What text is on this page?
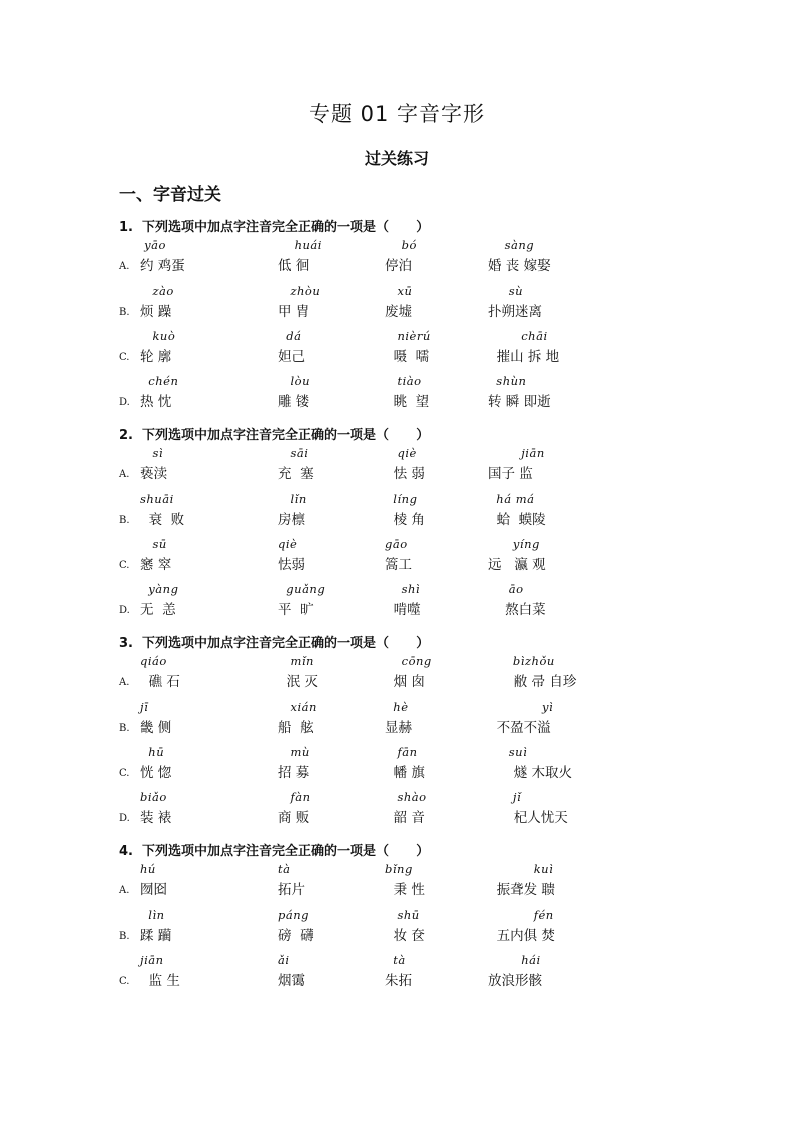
专题 01 字音字形
过关练习
一、字音过关
1.  下列选项中加点字注音完全正确的一项是（      ）
A.
yāo
约 鸡蛋
huái
低 徊
bó
停泊
sàng
婚 丧 嫁娶
B.
zào
烦 躁
zhòu
甲 胄
xū
废墟
sù
扑朔迷离
C.
kuò
轮 廓
dá
妲己
nièrú
嗫  嚅
chāi
摧山 拆 地
D.
chén
热 忱
lòu
雕 镂
tiào
眺  望
shùn
转 瞬 即逝
2.  下列选项中加点字注音完全正确的一项是（      ）
A.
sì
亵渎
sāi
充  塞
qiè
怯 弱
jiān
国子 监
B.
shuāi
衰  败
lǐn
房檩
líng
棱 角
há má
蛤  蟆陵
C.
sū
窸 窣
qiè
怯弱
gāo
篙工
yíng
远   瀛 观
D.
yàng
无  恙
guǎng
平  旷
shì
啃噬
āo
熬白菜
3.  下列选项中加点字注音完全正确的一项是（      ）
A.
qiáo
礁 石
mǐn
泯 灭
cōng
烟 囱
bìzhǒu
敝 帚 自珍
B.
jī
畿 侧
xián
船  舷
hè
显赫
yì
不盈不溢
C.
hū
恍 惚
mù
招 募
fān
幡 旗
suì
燧 木取火
D.
biǎo
装 裱
fàn
商 贩
shào
韶 音
jǐ
杞人忧天
4.  下列选项中加点字注音完全正确的一项是（      ）
A.
hú
囫囵
tà
拓片
bǐng
秉 性
kuì
振聋发 聩
B.
lìn
蹂 躏
páng
磅  礴
shū
妆 奁
fén
五内俱 焚
C.
jiān
监 生
ǎi
烟霭
tà
朱拓
hái
放浪形骸
